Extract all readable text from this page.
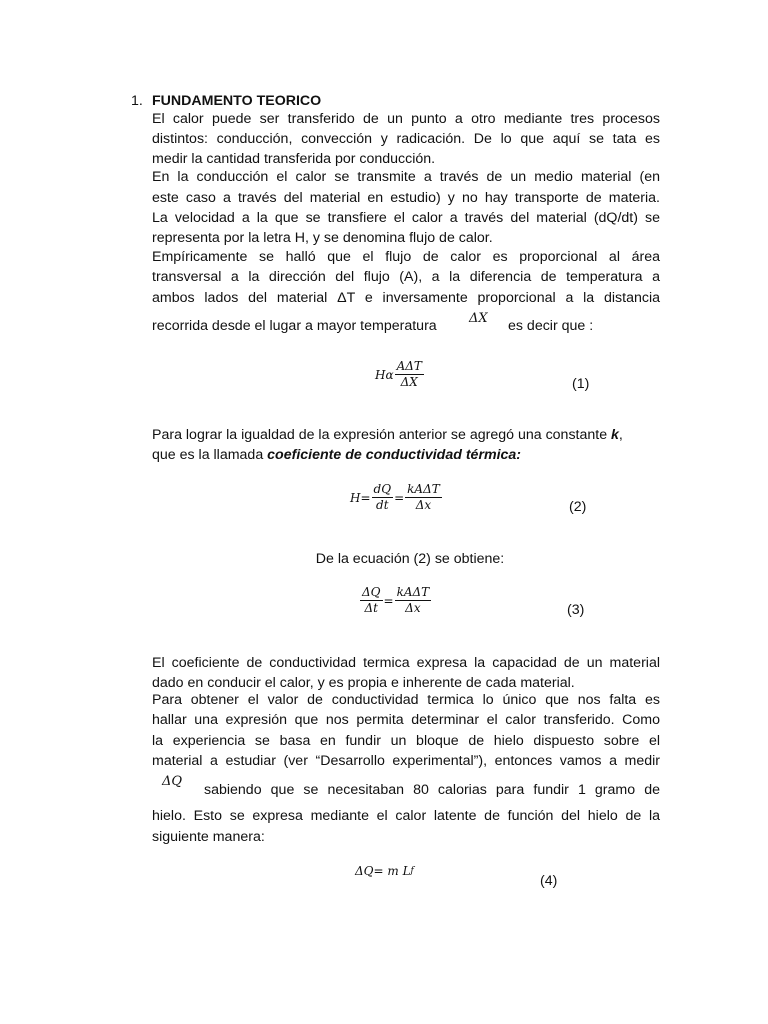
1. FUNDAMENTO TEORICO
El calor puede ser transferido de un punto a otro mediante tres procesos
distintos: conducción, convección y radicación. De lo que aquí se tata es
medir la cantidad transferida por conducción.
En la conducción el calor se transmite a través de un medio material (en
este caso a través del material en estudio) y no hay transporte de materia.
La velocidad a la que se transfiere el calor a través del material (dQ/dt) se
representa por la letra H, y se denomina flujo de calor.
Empíricamente se halló que el flujo de calor es proporcional al área
transversal a la dirección del flujo (A), a la diferencia de temperatura a
ambos lados del material ΔT e inversamente proporcional a la distancia
recorrida desde el lugar a mayor temperatura ΔX es decir que :
Hα $\frac{\text{AΔT}}{\Delta X}$	(1)
Para lograr la igualdad de la expresión anterior se agregó una constante k,
que es la llamada coeficiente de conductividad térmica:
$H= \frac{dQ}{dt} = \frac{\text{kAΔT}}{\Delta x}$	(2)
De la ecuación (2) se obtiene:
$\frac{\Delta Q}{\Delta t} = \frac{\text{kAΔT}}{\Delta x}$	(3)
El coeficiente de conductividad termica expresa la capacidad de un material
dado en conducir el calor, y es propia e inherente de cada material.
Para obtener el valor de conductividad termica lo único que nos falta es
hallar una expresión que nos permita determinar el calor transferido. Como
la experiencia se basa en fundir un bloque de hielo dispuesto sobre el
material a estudiar (ver “Desarrollo experimental”), entonces vamos a medir
ΔQ
sabiendo que se necesitaban 80 calorias para fundir 1 gramo de
hielo. Esto se expresa mediante el calor latente de función del hielo de la
siguiente manera:
ΔQ= m L f
(4)
